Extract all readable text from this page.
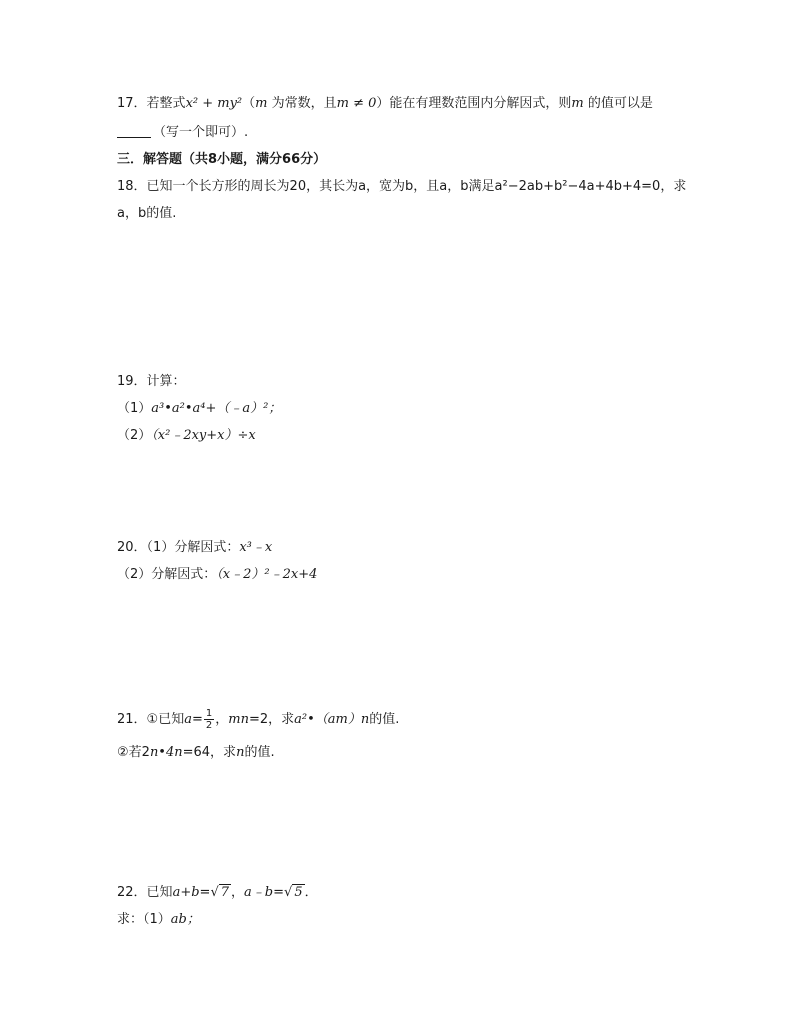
17．若整式x² + my²（m 为常数，且m ≠ 0）能在有理数范围内分解因式，则m 的值可以是
（写一个即可）.
三．解答题（共8小题，满分66分）
18．已知一个长方形的周长为20，其长为a，宽为b，且a，b满足a²−2ab+b²−4a+4b+4=0，求
a，b的值.
19．计算：
（1）a³•a²•a⁴+（﹣a）²；
（2）（x²﹣2xy+x）÷x
20．（1）分解因式：x³﹣x
（2）分解因式：（x﹣2）²﹣2x+4
21．①已知$a= \frac{1}{2}$ ，mn=2，求a²•（am）n的值.
②若2n•4n=64，求n的值.
22．已知a+b=√ 7 ，a﹣b=√ 5 ．
求：（1）ab；
